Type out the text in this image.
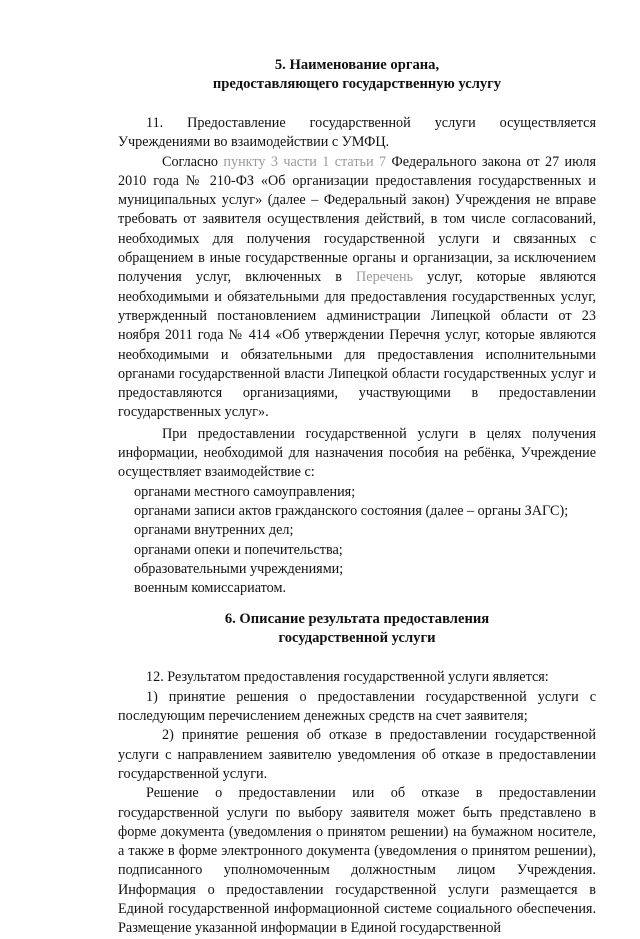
5. Наименование органа,
предоставляющего государственную услугу

11. Предоставление государственной услуги осуществляется Учреждениями во взаимодействии с УМФЦ.

Согласно пункту 3 части 1 статьи 7 Федерального закона от 27 июля 2010 года № 210-ФЗ «Об организации предоставления государственных и муниципальных услуг» (далее – Федеральный закон) Учреждения не вправе требовать от заявителя осуществления действий, в том числе согласований, необходимых для получения государственной услуги и связанных с обращением в иные государственные органы и организации, за исключением получения услуг, включенных в Перечень услуг, которые являются необходимыми и обязательными для предоставления государственных услуг, утвержденный постановлением администрации Липецкой области от 23 ноября 2011 года № 414 «Об утверждении Перечня услуг, которые являются необходимыми и обязательными для предоставления исполнительными органами государственной власти Липецкой области государственных услуг и предоставляются организациями, участвующими в предоставлении государственных услуг».

При предоставлении государственной услуги в целях получения информации, необходимой для назначения пособия на ребёнка, Учреждение осуществляет взаимодействие с:

органами местного самоуправления;

органами записи актов гражданского состояния (далее – органы ЗАГС);

органами внутренних дел;

органами опеки и попечительства;

образовательными учреждениями;

военным комиссариатом.

6. Описание результата предоставления
государственной услуги

12. Результатом предоставления государственной услуги является:

1) принятие решения о предоставлении государственной услуги с последующим перечислением денежных средств на счет заявителя;

2) принятие решения об отказе в предоставлении государственной услуги с направлением заявителю уведомления об отказе в предоставлении государственной услуги.

Решение о предоставлении или об отказе в предоставлении государственной услуги по выбору заявителя может быть представлено в форме документа (уведомления о принятом решении) на бумажном носителе, а также в форме электронного документа (уведомления о принятом решении), подписанного уполномоченным должностным лицом Учреждения. Информация о предоставлении государственной услуги размещается в Единой государственной информационной системе социального обеспечения. Размещение указанной информации в Единой государственной
